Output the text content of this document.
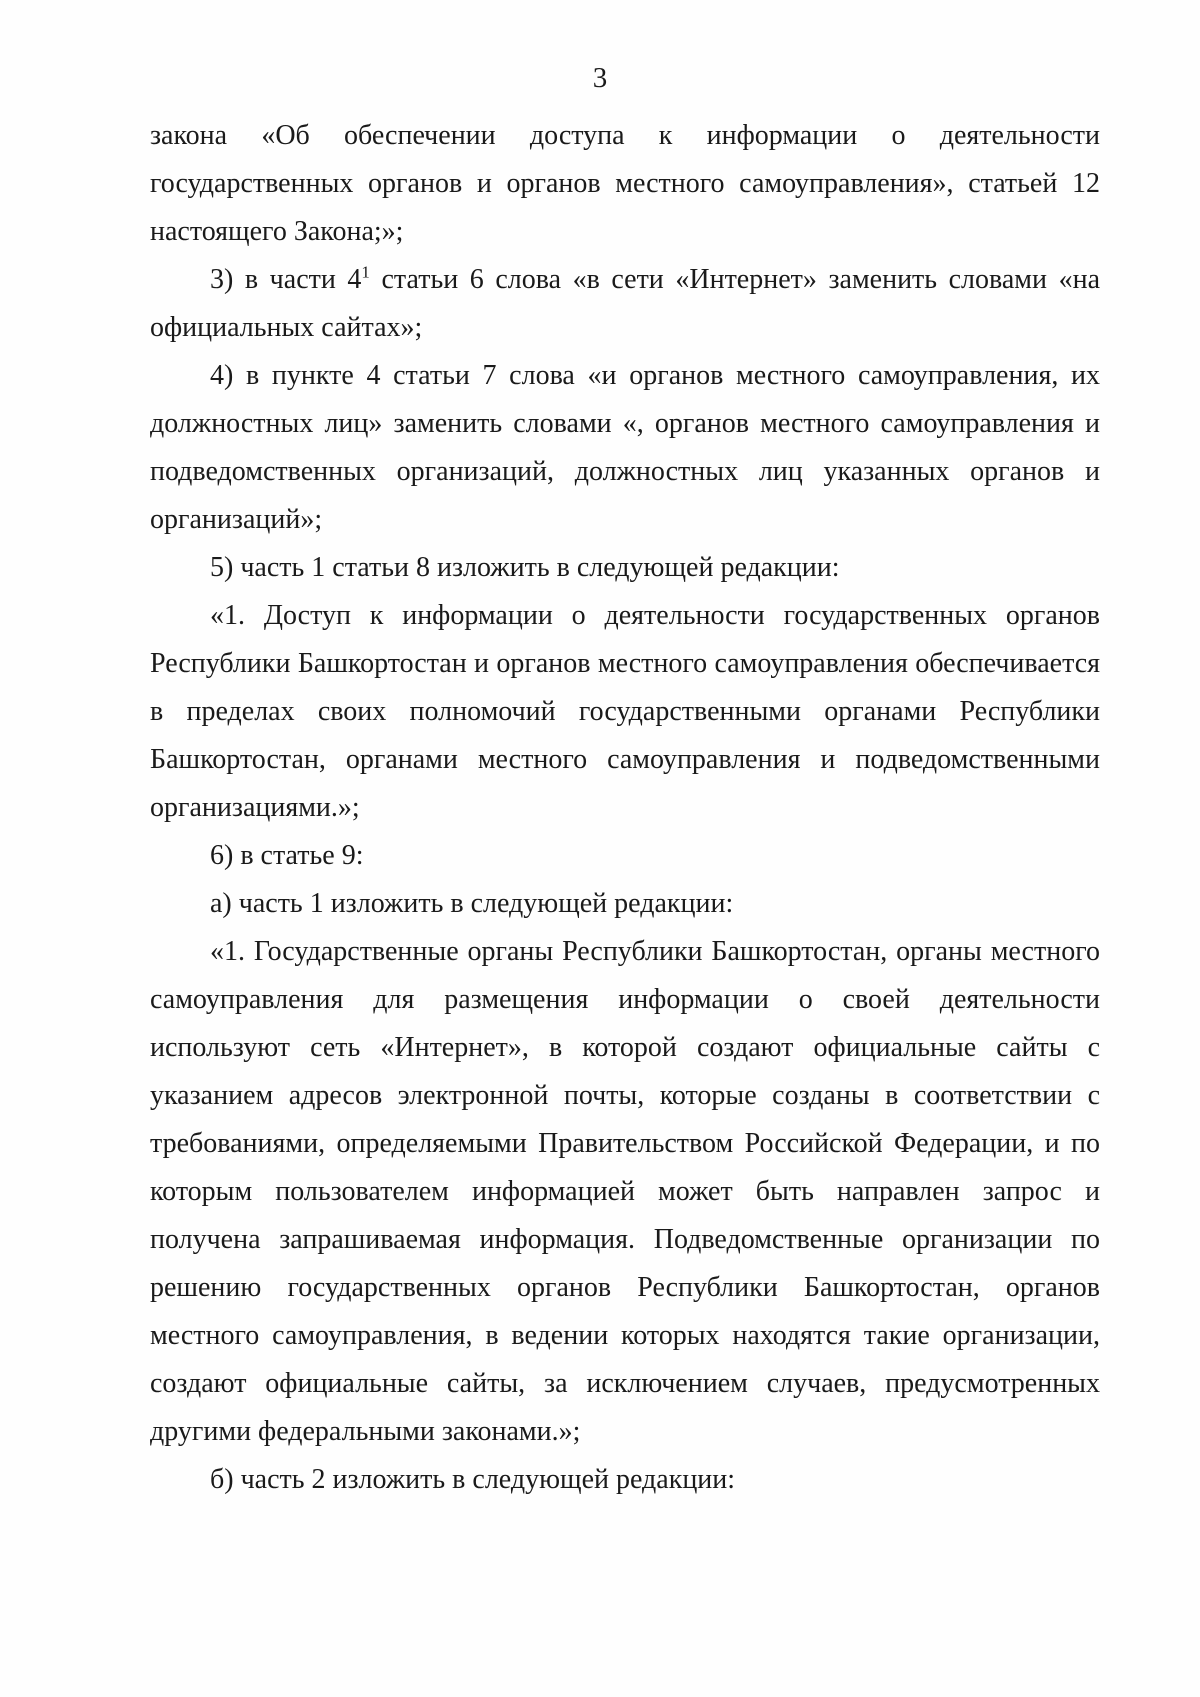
3

закона «Об обеспечении доступа к информации о деятельности государственных органов и органов местного самоуправления», статьей 12 настоящего Закона;»;

3) в части $4^1$ статьи 6 слова «в сети «Интернет» заменить словами «на официальных сайтах»;

4) в пункте 4 статьи 7 слова «и органов местного самоуправления, их должностных лиц» заменить словами «, органов местного самоуправления и подведомственных организаций, должностных лиц указанных органов и организаций»;

5) часть 1 статьи 8 изложить в следующей редакции:

«1. Доступ к информации о деятельности государственных органов Республики Башкортостан и органов местного самоуправления обеспечивается в пределах своих полномочий государственными органами Республики Башкортостан, органами местного самоуправления и подведомственными организациями.»;

6) в статье 9:

а) часть 1 изложить в следующей редакции:

«1. Государственные органы Республики Башкортостан, органы местного самоуправления для размещения информации о своей деятельности используют сеть «Интернет», в которой создают официальные сайты с указанием адресов электронной почты, которые созданы в соответствии с требованиями, определяемыми Правительством Российской Федерации, и по которым пользователем информацией может быть направлен запрос и получена запрашиваемая информация. Подведомственные организации по решению государственных органов Республики Башкортостан, органов местного самоуправления, в ведении которых находятся такие организации, создают официальные сайты, за исключением случаев, предусмотренных другими федеральными законами.»;

б) часть 2 изложить в следующей редакции:
